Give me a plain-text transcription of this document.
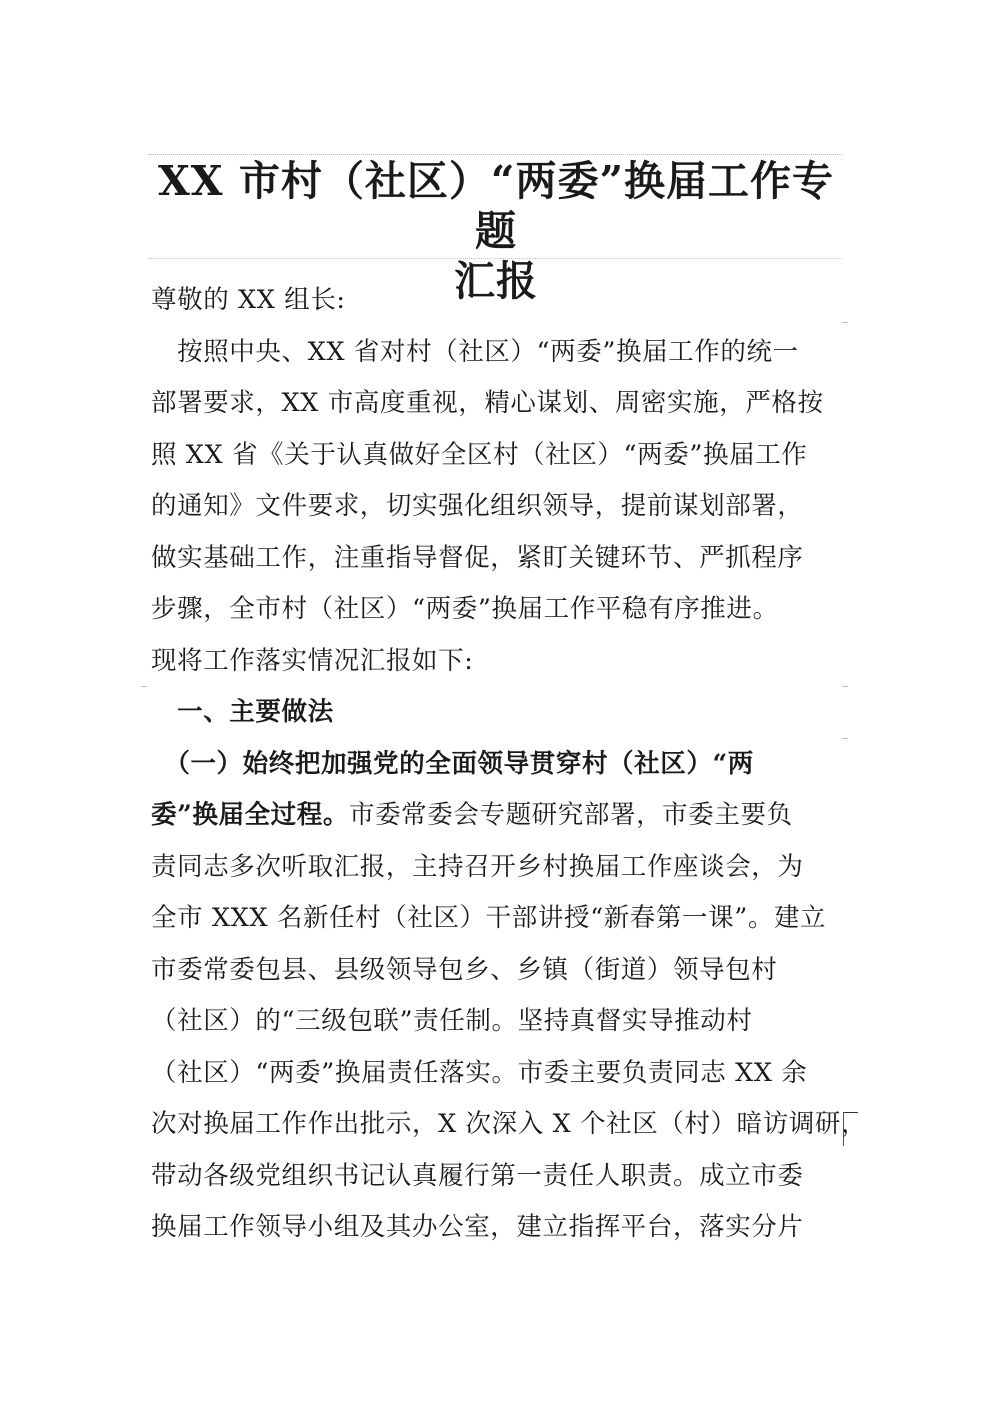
XX 市村（社区）“两委”换届工作专题
汇报
尊敬的 XX 组长:
　按照中央、XX 省对村（社区）“两委”换届工作的统一
部署要求，XX 市高度重视，精心谋划、周密实施，严格按
照 XX 省《关于认真做好全区村（社区）“两委”换届工作
的通知》文件要求，切实强化组织领导，提前谋划部署，
做实基础工作，注重指导督促，紧盯关键环节、严抓程序
步骤，全市村（社区）“两委”换届工作平稳有序推进。
现将工作落实情况汇报如下:
　一、主要做法
　（一）始终把加强党的全面领导贯穿村（社区）“两
委”换届全过程。市委常委会专题研究部署，市委主要负
责同志多次听取汇报，主持召开乡村换届工作座谈会，为
全市 XXX 名新任村（社区）干部讲授“新春第一课”。建立
市委常委包县、县级领导包乡、乡镇（街道）领导包村
（社区）的“三级包联”责任制。坚持真督实导推动村
（社区）“两委”换届责任落实。市委主要负责同志 XX 余
次对换届工作作出批示，X 次深入 X 个社区（村）暗访调研，
带动各级党组织书记认真履行第一责任人职责。成立市委
换届工作领导小组及其办公室，建立指挥平台，落实分片
